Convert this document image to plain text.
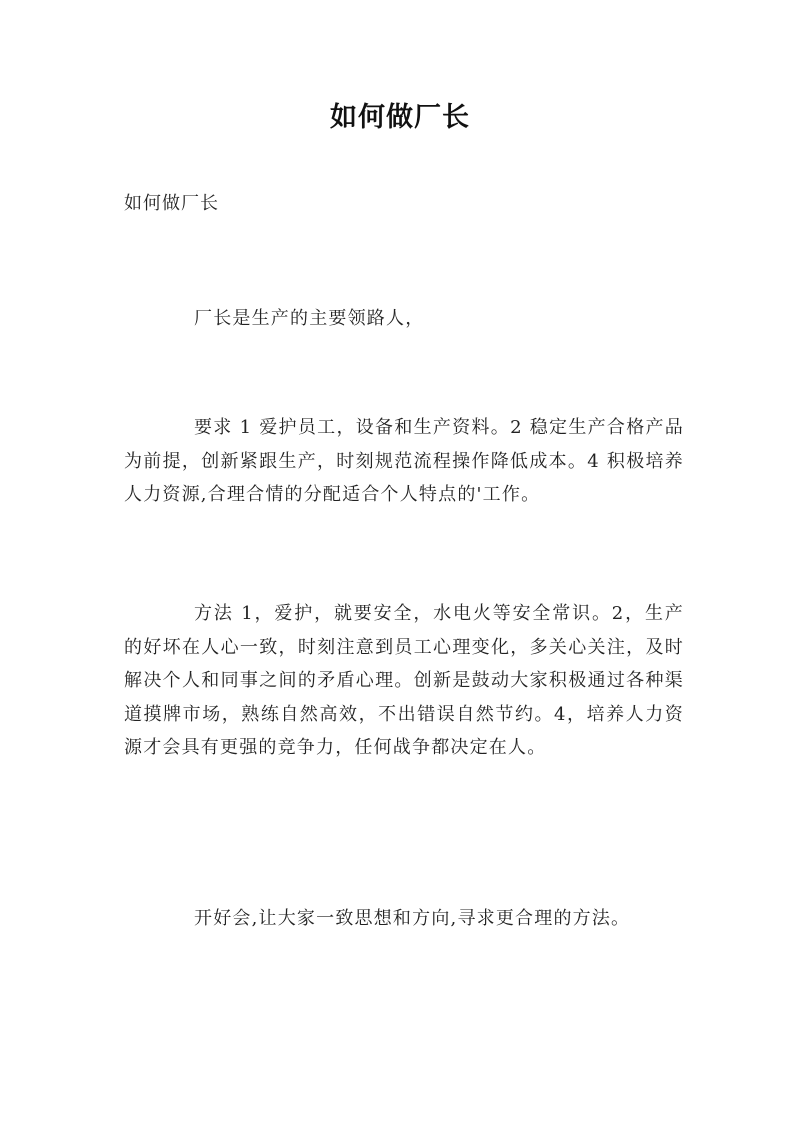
如何做厂长
如何做厂长

厂长是生产的主要领路人，

要求 1 爱护员工，设备和生产资料。2 稳定生产合格产品为前提，创新紧跟生产，时刻规范流程操作降低成本。4 积极培养人力资源,合理合情的分配适合个人特点的'工作。

方法 1，爱护，就要安全，水电火等安全常识。2，生产的好坏在人心一致，时刻注意到员工心理变化，多关心关注，及时解决个人和同事之间的矛盾心理。创新是鼓动大家积极通过各种渠道摸牌市场，熟练自然高效，不出错误自然节约。4，培养人力资源才会具有更强的竞争力，任何战争都决定在人。

开好会,让大家一致思想和方向,寻求更合理的方法。
